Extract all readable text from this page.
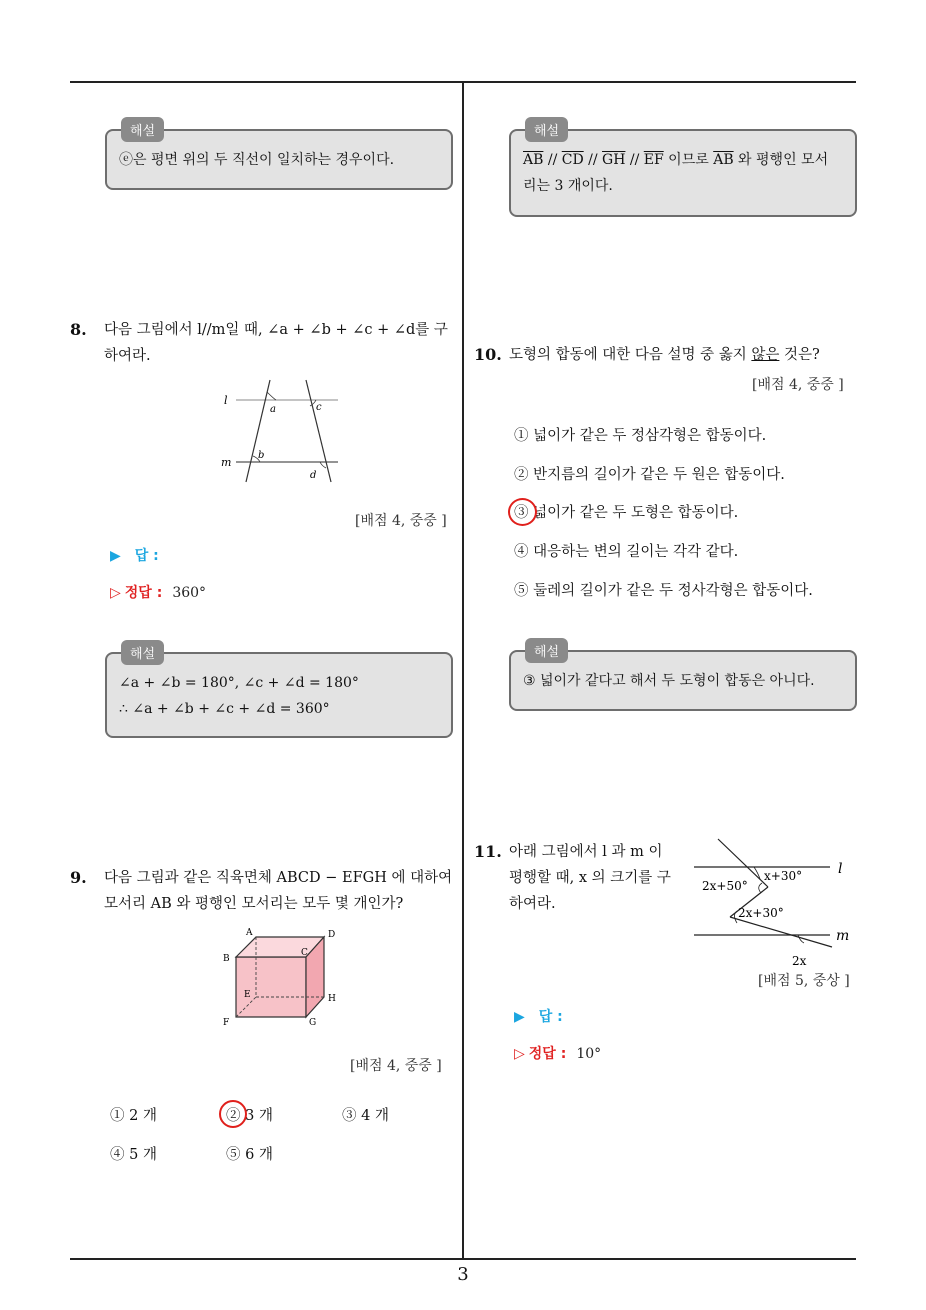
해설
ⓔ은 평면 위의 두 직선이 일치하는 경우이다.
8. 다음 그림에서 l//m일 때, ∠a + ∠b + ∠c + ∠d를 구
하여라.
l
m
a	c
b
d
[배점 4, 중중 ]
▶ 답 :
▷ 정답 : 360°
해설
∠a + ∠b = 180°, ∠c + ∠d = 180°
∴ ∠a + ∠b + ∠c + ∠d = 360°
9. 다음 그림과 같은 직육면체 ABCD − EFGH 에 대하여
모서리 AB 와 평행인 모서리는 모두 몇 개인가?
A	D
B
C
E	H
F	G
[배점 4, 중중 ]
① 2 개	② 3 개	③ 4 개
④ 5 개	⑤ 6 개
해설
$\overline{AB} // \overline{CD} // \overline{GH} // \overline{EF}$ 이므로 $\overline{AB}$ 와 평행인 모서
리는 3 개이다.
10. 도형의 합동에 대한 다음 설명 중 옳지 않은 것은?
[배점 4, 중중 ]
① 넓이가 같은 두 정삼각형은 합동이다.
② 반지름의 길이가 같은 두 원은 합동이다.
③ 넓이가 같은 두 도형은 합동이다.
④ 대응하는 변의 길이는 각각 같다.
⑤ 둘레의 길이가 같은 두 정사각형은 합동이다.
해설
③ 넓이가 같다고 해서 두 도형이 합동은 아니다.
11. 아래 그림에서 l 과 m 이
평행할 때, x 의 크기를 구
하여라.
l
m
x+30°
2x+50°
2x+30°
2x
[배점 5, 중상 ]
▶ 답 :
▷ 정답 : 10°
3
